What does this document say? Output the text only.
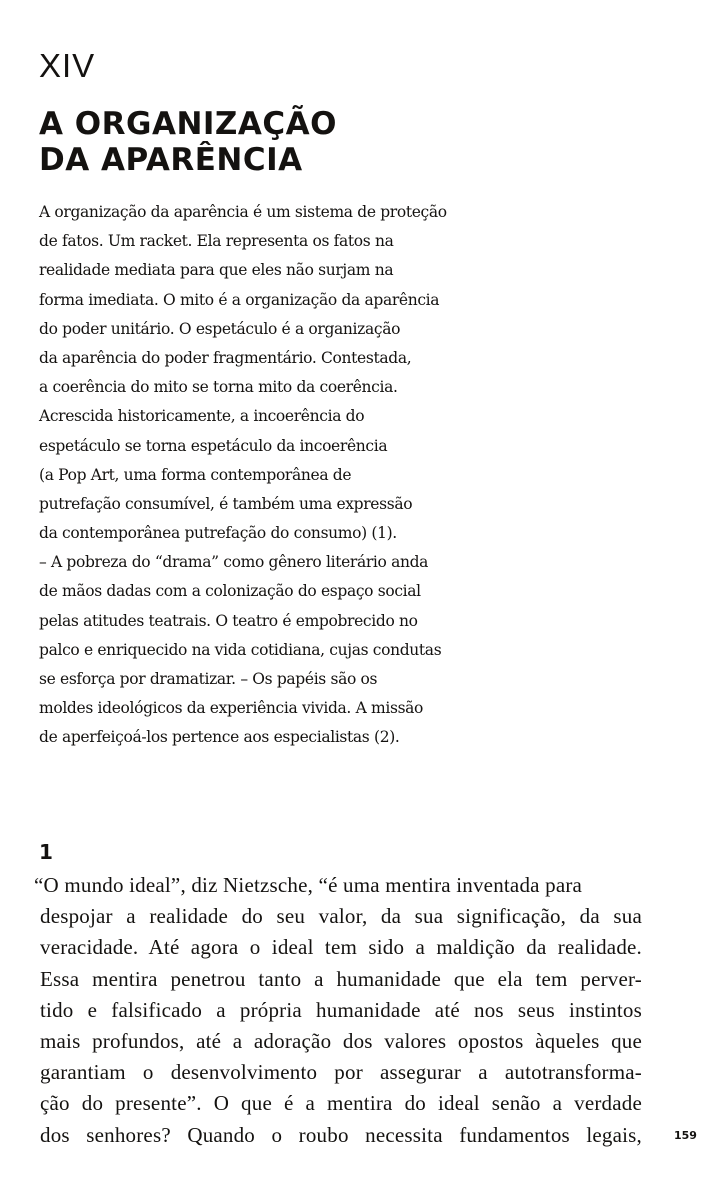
XIV
A ORGANIZAÇÃO
DA APARÊNCIA
A organização da aparência é um sistema de proteção
de fatos. Um racket. Ela representa os fatos na
realidade mediata para que eles não surjam na
forma imediata. O mito é a organização da aparência
do poder unitário. O espetáculo é a organização
da aparência do poder fragmentário. Contestada,
a coerência do mito se torna mito da coerência.
Acrescida historicamente, a incoerência do
espetáculo se torna espetáculo da incoerência
(a Pop Art, uma forma contemporânea de
putrefação consumível, é também uma expressão
da contemporânea putrefação do consumo) (1).
– A pobreza do “drama” como gênero literário anda
de mãos dadas com a colonização do espaço social
pelas atitudes teatrais. O teatro é empobrecido no
palco e enriquecido na vida cotidiana, cujas condutas
se esforça por dramatizar. – Os papéis são os
moldes ideológicos da experiência vivida. A missão
de aperfeiçoá-los pertence aos especialistas (2).
1
“O mundo ideal”, diz Nietzsche, “é uma mentira inventada para
despojar a realidade do seu valor, da sua significação, da sua
veracidade. Até agora o ideal tem sido a maldição da realidade.
Essa mentira penetrou tanto a humanidade que ela tem perver-
tido e falsificado a própria humanidade até nos seus instintos
mais profundos, até a adoração dos valores opostos àqueles que
garantiam o desenvolvimento por assegurar a autotransforma-
ção do presente”. O que é a mentira do ideal senão a verdade
dos senhores? Quando o roubo necessita fundamentos legais,	159
